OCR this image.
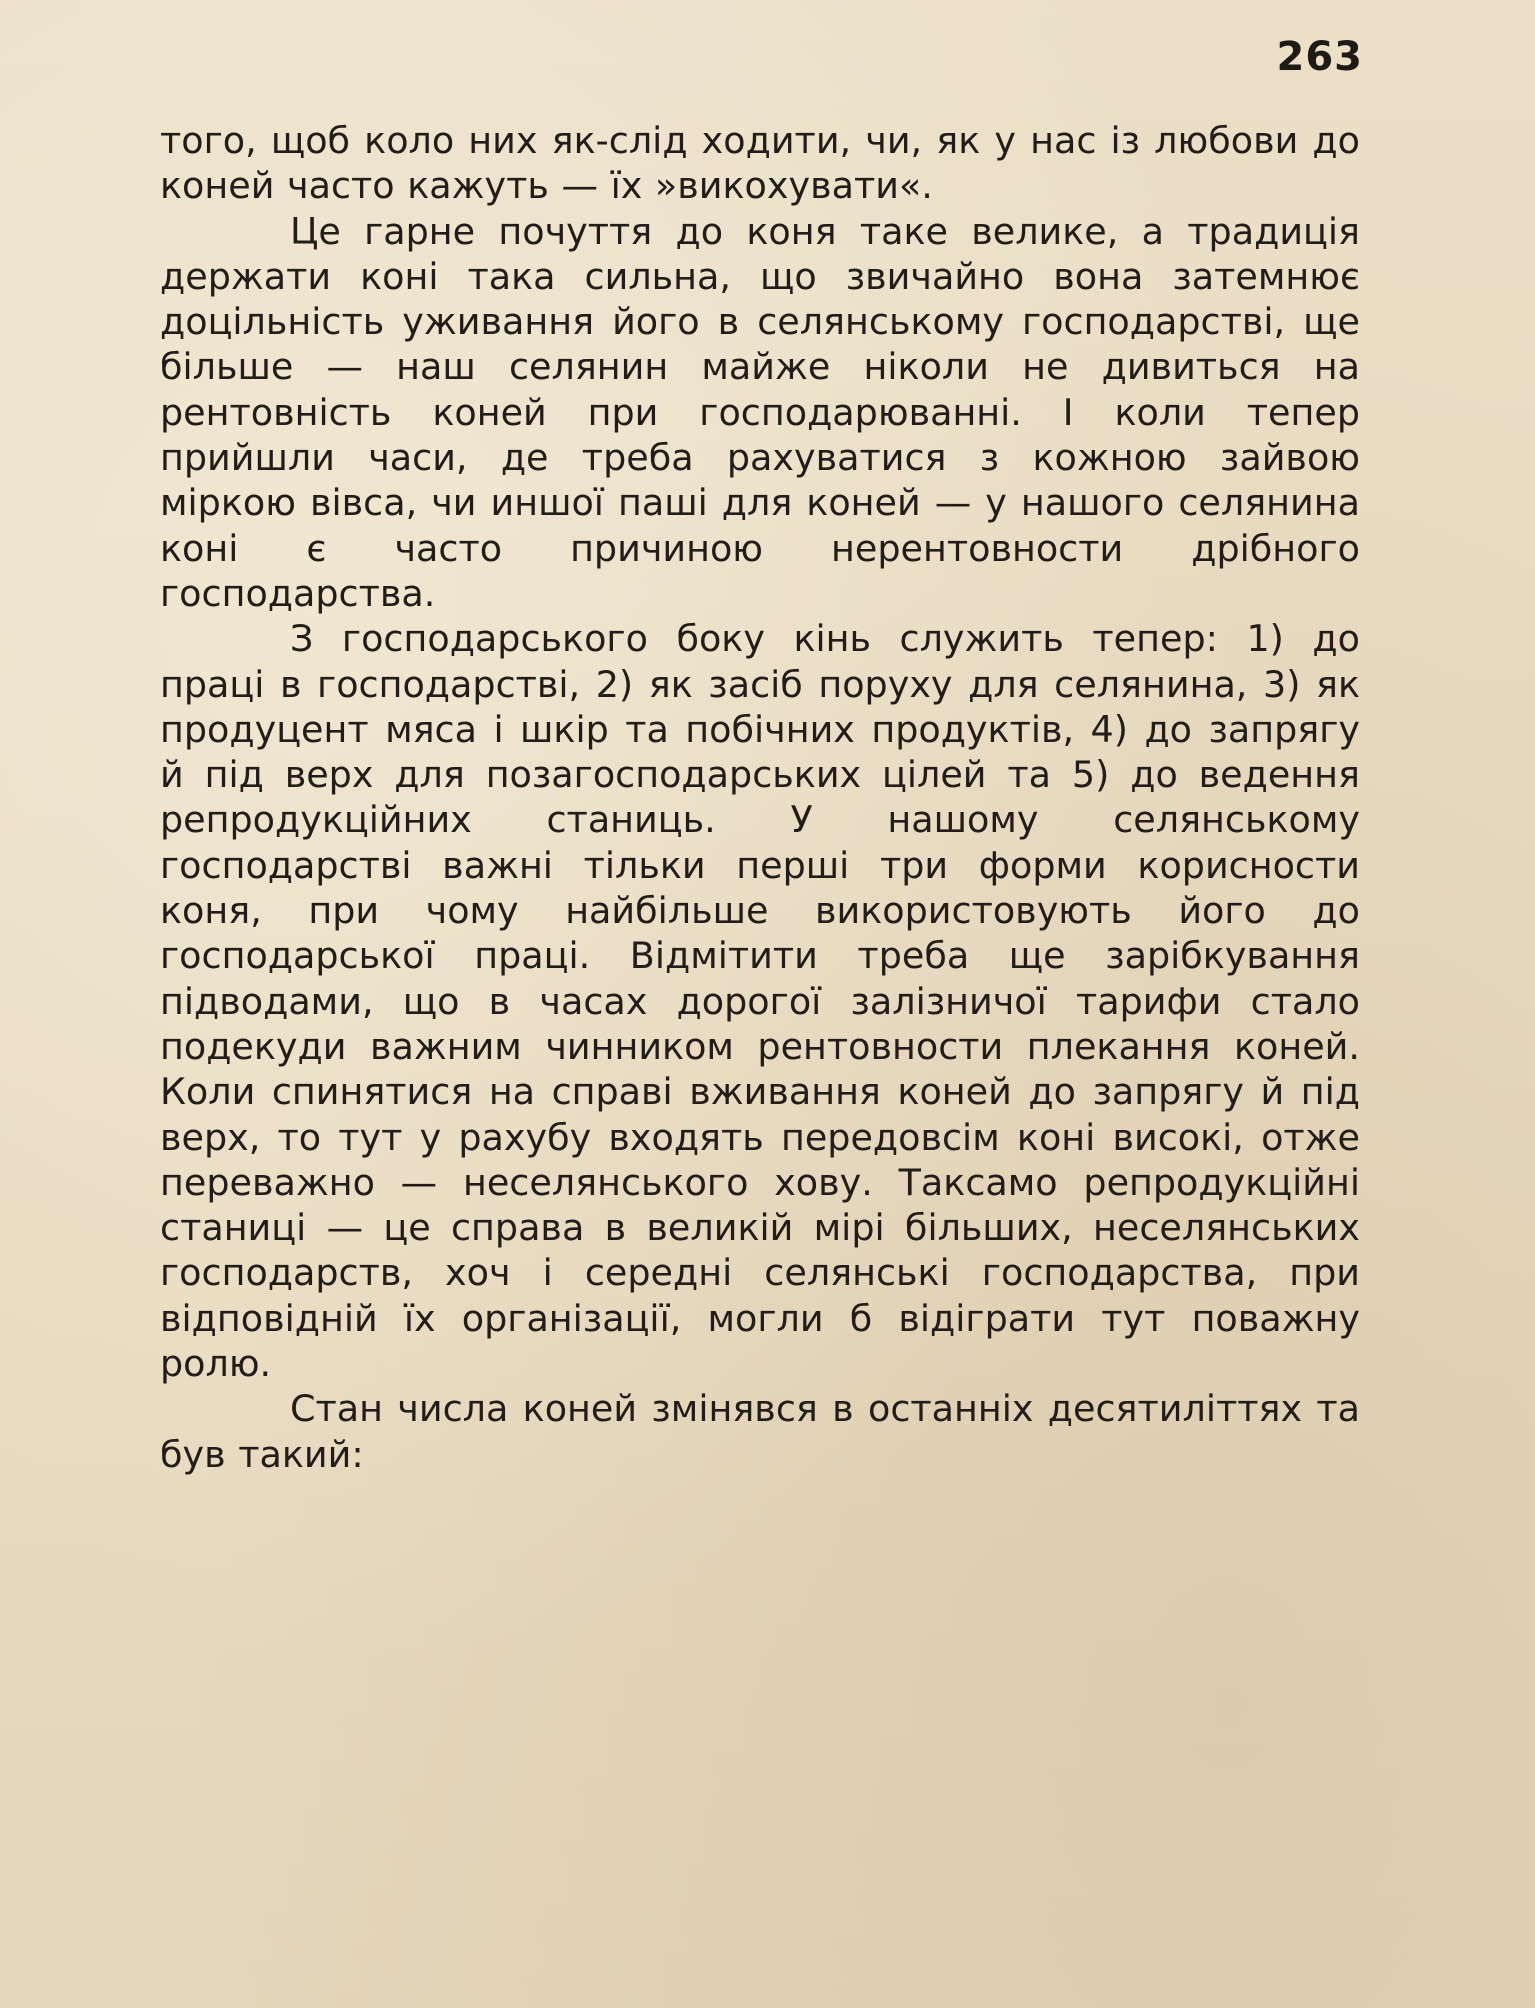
263

того, щоб коло них як-слід ходити, чи, як у нас із любови до коней часто кажуть — їх »викохувати«.

Це гарне почуття до коня таке велике, а традиція держати коні така сильна, що звичайно вона затемнює доцільність уживання його в селянському господарстві, ще більше — наш селянин майже ніколи не дивиться на рентовність коней при господарюванні. І коли тепер прийшли часи, де треба рахуватися з кожною зайвою міркою вівса, чи иншої паші для коней — у нашого селянина коні є часто причиною нерентовности дрібного господарства.

З господарського боку кінь служить тепер: 1) до праці в господарстві, 2) як засіб поруху для селянина, 3) як продуцент мяса і шкір та побічних продуктів, 4) до запрягу й під верх для позагосподарських цілей та 5) до ведення репродукційних станиць. У нашому селянському господарстві важні тільки перші три форми корисности коня, при чому найбільше використовують його до господарської праці. Відмітити треба ще зарібкування підводами, що в часах дорогої залізничої тарифи стало подекуди важним чинником рентовности плекання коней. Коли спинятися на справі вживання коней до запрягу й під верх, то тут у рахубу входять передовсім коні високі, отже переважно — неселянського хову. Таксамо репродукційні станиці — це справа в великій мірі більших, неселянських господарств, хоч і середні селянські господарства, при відповідній їх організації, могли б відіграти тут поважну ролю.

Стан числа коней змінявся в останніх десятиліттях та був такий:
